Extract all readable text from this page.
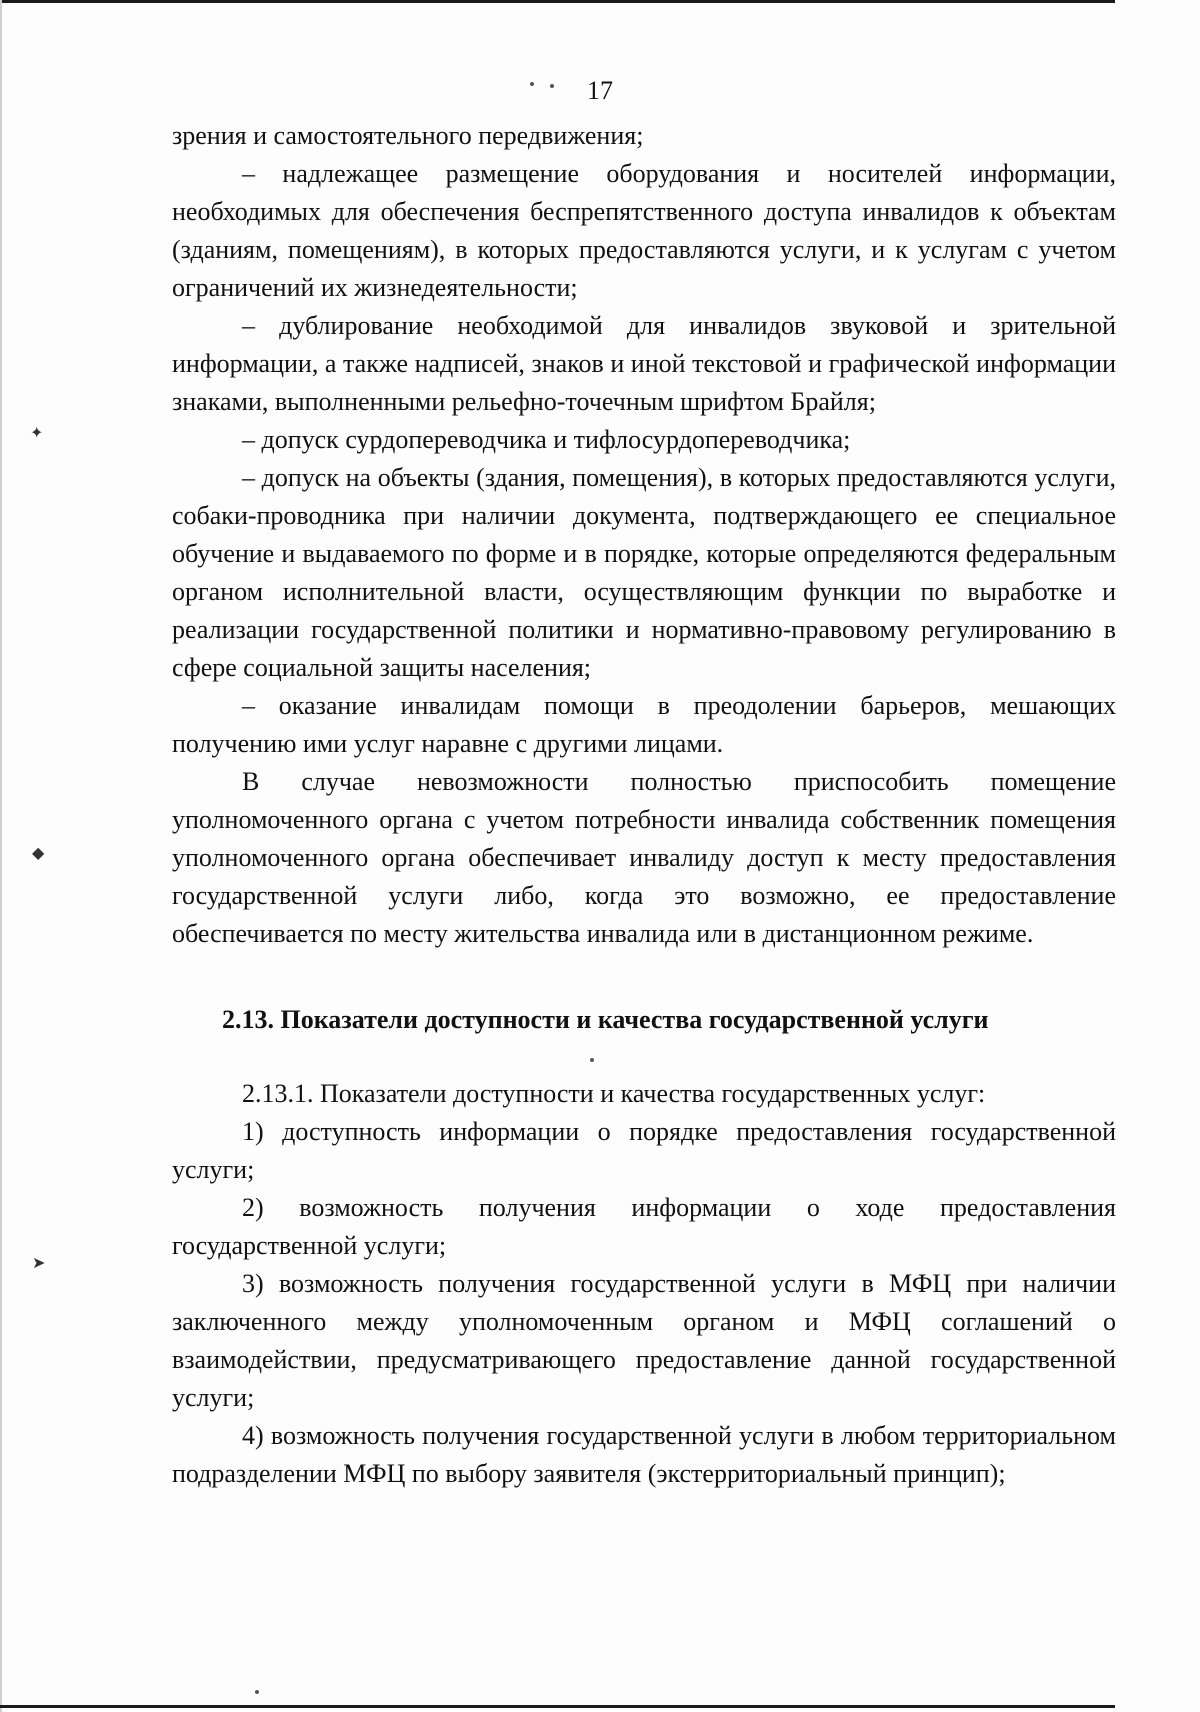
17

зрения и самостоятельного передвижения;

– надлежащее размещение оборудования и носителей информации, необходимых для обеспечения беспрепятственного доступа инвалидов к объектам (зданиям, помещениям), в которых предоставляются услуги, и к услугам с учетом ограничений их жизнедеятельности;

– дублирование необходимой для инвалидов звуковой и зрительной информации, а также надписей, знаков и иной текстовой и графической информации знаками, выполненными рельефно-точечным шрифтом Брайля;

– допуск сурдопереводчика и тифлосурдопереводчика;

– допуск на объекты (здания, помещения), в которых предоставляются услуги, собаки-проводника при наличии документа, подтверждающего ее специальное обучение и выдаваемого по форме и в порядке, которые определяются федеральным органом исполнительной власти, осуществляющим функции по выработке и реализации государственной политики и нормативно-правовому регулированию в сфере социальной защиты населения;

– оказание инвалидам помощи в преодолении барьеров, мешающих получению ими услуг наравне с другими лицами.

В случае невозможности полностью приспособить помещение уполномоченного органа с учетом потребности инвалида собственник помещения уполномоченного органа обеспечивает инвалиду доступ к месту предоставления государственной услуги либо, когда это возможно, ее предоставление обеспечивается по месту жительства инвалида или в дистанционном режиме.

2.13. Показатели доступности и качества государственной услуги

2.13.1. Показатели доступности и качества государственных услуг:

1) доступность информации о порядке предоставления государственной услуги;

2) возможность получения информации о ходе предоставления государственной услуги;

3) возможность получения государственной услуги в МФЦ при наличии заключенного между уполномоченным органом и МФЦ соглашений о взаимодействии, предусматривающего предоставление данной государственной услуги;

4) возможность получения государственной услуги в любом территориальном подразделении МФЦ по выбору заявителя (экстерриториальный принцип);

✦
◆
➤
